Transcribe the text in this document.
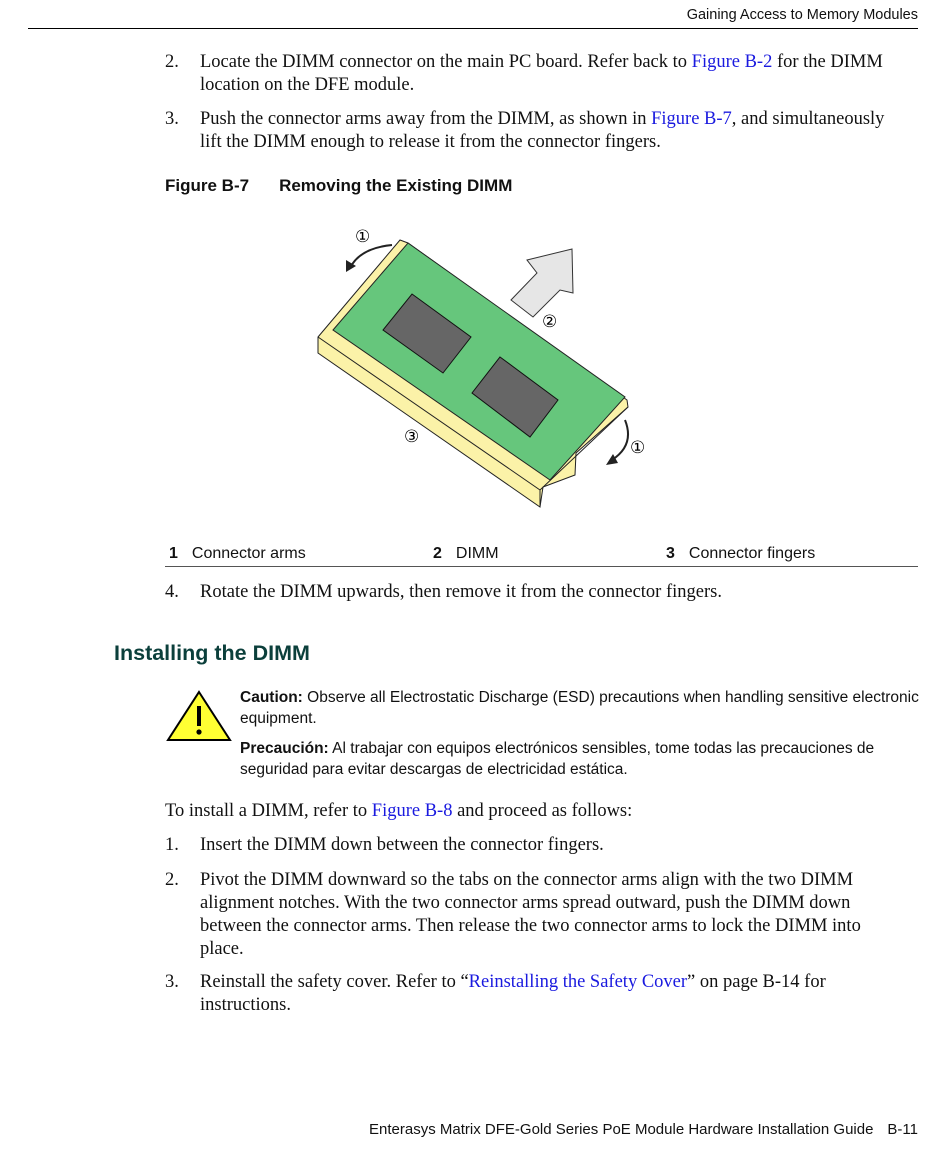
Gaining Access to Memory Modules
2. Locate the DIMM connector on the main PC board. Refer back to Figure B-2 for the DIMM location on the DFE module.
3. Push the connector arms away from the DIMM, as shown in Figure B-7, and simultaneously lift the DIMM enough to release it from the connector fingers.
Figure B-7 Removing the Existing DIMM
①
①
②
③
1 Connector arms	2 DIMM	3 Connector fingers
4. Rotate the DIMM upwards, then remove it from the connector fingers.
Installing the DIMM
Caution: Observe all Electrostatic Discharge (ESD) precautions when handling sensitive electronic equipment.
Precaución: Al trabajar con equipos electrónicos sensibles, tome todas las precauciones de seguridad para evitar descargas de electricidad estática.
To install a DIMM, refer to Figure B-8 and proceed as follows:
1. Insert the DIMM down between the connector fingers.
2. Pivot the DIMM downward so the tabs on the connector arms align with the two DIMM alignment notches. With the two connector arms spread outward, push the DIMM down between the connector arms. Then release the two connector arms to lock the DIMM into place.
3. Reinstall the safety cover. Refer to “Reinstalling the Safety Cover” on page B-14 for instructions.
Enterasys Matrix DFE-Gold Series PoE Module Hardware Installation Guide B-11
